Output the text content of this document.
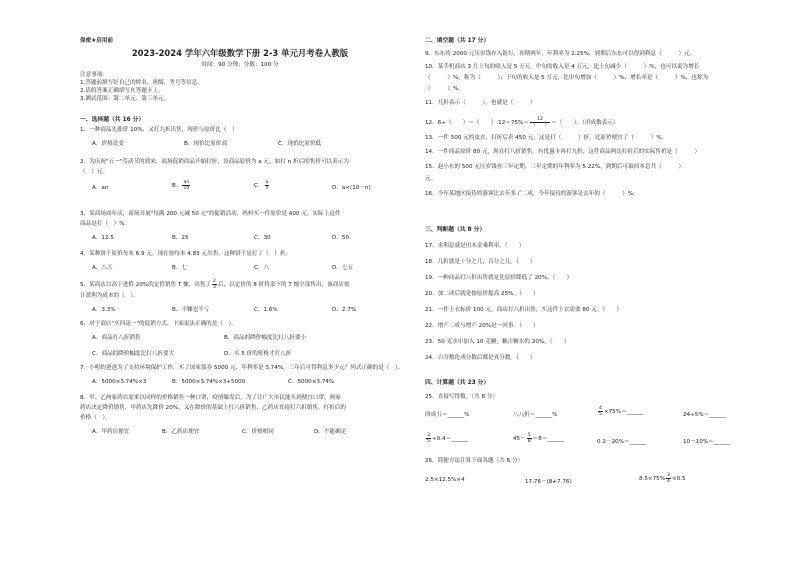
保密★启用前
2023-2024 学年六年级数学下册 2-3 单元月考卷人教版
时间：90 分钟；分数：100 分
注意事项：
1.答题前填写好自己的姓名、班级、考号等信息。
2.请将答案正确填写在答题卡上。
3.测试范围：第二单元、第三单元。
一、选择题（共 16 分）
1．一种商品先涨价 10%，又打九折出售，现价与原价比（　）
A．价格没变	B．现价比原价高	C．现价比原价低
2．为庆祝"五一"劳动节的到来，商场促销商品开始打折，设商品原价为 a 元，如打 n 折后的售价可以表示为
（　）元。
A．an	B． $\frac{an}{10}$	C． $\frac{a}{n}$	D．a×(10－n)
3．某商场周年庆，商场开展"每满 200 元减 50 元"的促销活动，妈妈买一件原价是 400 元，实际上这件
商品是打（　）%。
A．12.5	B．25	C．30	D．50
4．某种饼干原价每本 6.9 元，现在按每本 4.83 元出售，这种饼干是打了（　）折。
A．八五	B．七	C．八	D．七五
5．某商店以高于进价 20%的定价销售 T 恤，出售了 $\frac{2}{3}$ 后，以定价的 8 折将余下的 T 恤全部售出，该商店按
计盈利为成本的（　）。
A．3.3%	B．不赚也不亏	C．1.6%	D．2.7%
6．对于商店"买四送一"的促销方式，下面说法正确的是（　）。
A．商品打八折销售	B．商品的降价幅度比打八折要小
C．商品的降价幅度比打八折要大	D．买 5 价的价格才打八折
7．小明的爸爸为了支持环境保护工作，买了国家债券 5000 元，年利率是 3.74%，三年后可得利息多少元？列式正确的是（　）。
A．5000×3.74%×3	B．5000×3.74%×3+5000	C．5000×3.74%
8．甲、乙两家药店原来以同样的价格销售一种口罩，疫情爆发后，为了让广大市民能买到便宜口罩，两家
药店决定降价销售，甲药店先降价 20%，又在降价的基础上打八折销售；乙药店直接打六折销售。打折后的
价格（　）。
A．甲药店便宜	B．乙药店便宜	C．价格相同	D．不能确定
二、填空题（共 17 分）
9．东东将 2000 元压岁钱存入银行，存期两年，年利率为 2.25%，到期后东东可以得到利息（　　　）元。
10．某手机商店 3 月上旬的收入是 5 万元，中旬的收入是 4 万元，比上旬减少（　　　）%，也可以说为增长
（　　　）%，称为（　　　）；下旬的收入是 5 万元，比中旬增加（　　　）%，增长率是（　　　）%，也称为
（　　　）%。
11．几折表示（　　　），也就是（　　　）
12．6÷（　　）＝（　　）:12＝75%＝ $\frac{12}{( )}$ ＝（　　）。（用成数表示）
13．一件 500 元的皮衣，打折后卖 450 元，这是打（　　　）折，比原价便宜了（　　　）%。
14．一件商品原价 80 元，现在打八折销售，有优惠卡再打九折，这件商品两次打折后的实际售价是（　　　）
15．赵小东的 500 元压岁钱存三年定期，三年定期的年利率为 5.22%，到期后可取回本息共（　　　）
元。
16．今年某地区接待的游客比去年多了二成，今年接待的游客是去年的（　　　）%。
三、判断题（共 8 分）
17．求利息就是用本金乘利率。（　　）
18．几折就是十分之几，百分之几。（　　）
19．一种商品打八折出售就是比原价降低了 20%。（　　）
20．加二成后就是按原价提高 25%。（　　）
21．一件上衣标价 100 元，商店打八折出售，买这件上衣需要 80 元。（　　）
22．增产二成与增产 20%是一回事。（　　）
23．50 克水中加入 10 克糖，糖占糖水的 20%。（　　）
24．百分数化成分数后都是真分数。（　　）
四、计算题（共 23 分）
25．直接写得数。（共 8 分）
四成五＝______%	八八折＝______%	$\frac{4}{5}$ ×75%＝______	24÷5%＝______
$\frac{3}{5}$ ÷0.4＝______	$45- \frac{5}{8}$ ＝8＝______	0.2－20%＝______	10－10%＝______
26．简便方法计算下面各题（共 6 分）
2.5×12.5%×4	17.76－(8+7.76)	$8.5\times 75\% \frac{3}{4} \times 0.5$
